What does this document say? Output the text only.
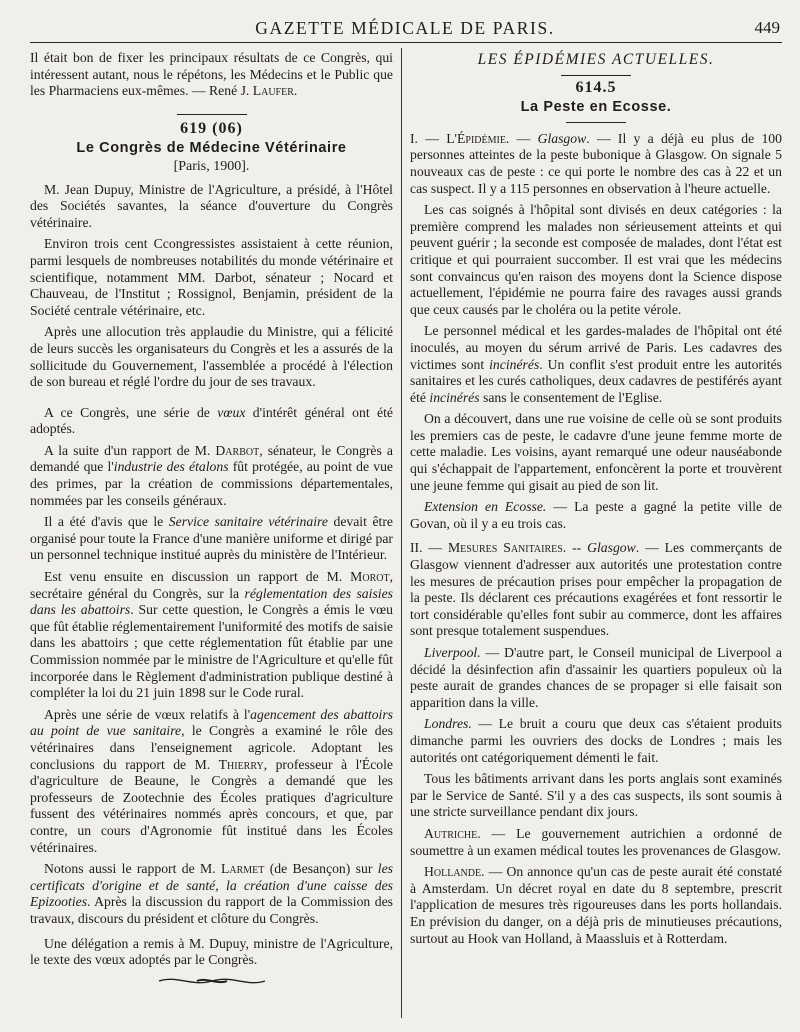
GAZETTE MÉDICALE DE PARIS.	449

Il était bon de fixer les principaux résultats de ce Congrès, qui intéressent autant, nous le répétons, les Médecins et le Public que les Pharmaciens eux-mêmes. — René J. Laufer.

619 (06)
Le Congrès de Médecine Vétérinaire
[Paris, 1900].

M. Jean Dupuy, Ministre de l'Agriculture, a présidé, à l'Hôtel des Sociétés savantes, la séance d'ouverture du Congrès vétérinaire.

Environ trois cent Ccongressistes assistaient à cette réunion, parmi lesquels de nombreuses notabilités du monde vétérinaire et scientifique, notamment MM. Darbot, sénateur ; Nocard et Chauveau, de l'Institut ; Rossignol, Benjamin, président de la Société centrale vétérinaire, etc.

Après une allocution très applaudie du Ministre, qui a félicité de leurs succès les organisateurs du Congrès et les a assurés de la sollicitude du Gouvernement, l'assemblée a procédé à l'élection de son bureau et réglé l'ordre du jour de ses travaux.

A ce Congrès, une série de vœux d'intérêt général ont été adoptés.

A la suite d'un rapport de M. Darbot, sénateur, le Congrès a demandé que l'industrie des étalons fût protégée, au point de vue des primes, par la création de commissions départementales, nommées par les conseils généraux.

Il a été d'avis que le Service sanitaire vétérinaire devait être organisé pour toute la France d'une manière uniforme et dirigé par un personnel technique institué auprès du ministère de l'Intérieur.

Est venu ensuite en discussion un rapport de M. Morot, secrétaire général du Congrès, sur la réglementation des saisies dans les abattoirs. Sur cette question, le Congrès a émis le vœu que fût établie réglementairement l'uniformité des motifs de saisie dans les abattoirs ; que cette réglementation fût établie par une Commission nommée par le ministre de l'Agriculture et qu'elle fût incorporée dans le Règlement d'administration publique destiné à compléter la loi du 21 juin 1898 sur le Code rural.

Après une série de vœux relatifs à l'agencement des abattoirs au point de vue sanitaire, le Congrès a examiné le rôle des vétérinaires dans l'enseignement agricole. Adoptant les conclusions du rapport de M. Thierry, professeur à l'École d'agriculture de Beaune, le Congrès a demandé que les professeurs de Zootechnie des Écoles pratiques d'agriculture fussent des vétérinaires nommés après concours, et que, par contre, un cours d'Agronomie fût institué dans les Écoles vétérinaires.

Notons aussi le rapport de M. Larmet (de Besançon) sur les certificats d'origine et de santé, la création d'une caisse des Epizooties. Après la discussion du rapport de la Commission des travaux, discours du président et clôture du Congrès.

Une délégation a remis à M. Dupuy, ministre de l'Agriculture, le texte des vœux adoptés par le Congrès.

LES ÉPIDÉMIES ACTUELLES.
614.5
La Peste en Ecosse.

I. — L'Épidémie. — Glasgow. — Il y a déjà eu plus de 100 personnes atteintes de la peste bubonique à Glasgow. On signale 5 nouveaux cas de peste : ce qui porte le nombre des cas à 22 et un cas suspect. Il y a 115 personnes en observation à l'heure actuelle.

Les cas soignés à l'hôpital sont divisés en deux catégories : la première comprend les malades non sérieusement atteints et qui peuvent guérir ; la seconde est composée de malades, dont l'état est critique et qui pourraient succomber. Il est vrai que les médecins sont convaincus qu'en raison des moyens dont la Science dispose actuellement, l'épidémie ne pourra faire des ravages aussi grands que ceux causés par le choléra ou la petite vérole.

Le personnel médical et les gardes-malades de l'hôpital ont été inoculés, au moyen du sérum arrivé de Paris. Les cadavres des victimes sont incinérés. Un conflit s'est produit entre les autorités sanitaires et les curés catholiques, deux cadavres de pestiférés ayant été incinérés sans le consentement de l'Eglise.

On a découvert, dans une rue voisine de celle où se sont produits les premiers cas de peste, le cadavre d'une jeune femme morte de cette maladie. Les voisins, ayant remarqué une odeur nauséabonde qui s'échappait de l'appartement, enfoncèrent la porte et trouvèrent une jeune femme qui gisait au pied de son lit.

Extension en Ecosse. — La peste a gagné la petite ville de Govan, où il y a eu trois cas.

II. — Mesures Sanitaires. -- Glasgow. — Les commerçants de Glasgow viennent d'adresser aux autorités une protestation contre les mesures de précaution prises pour empêcher la propagation de la peste. Ils déclarent ces précautions exagérées et font ressortir le tort considérable qu'elles font subir au commerce, dont les affaires sont presque totalement suspendues.

Liverpool. — D'autre part, le Conseil municipal de Liverpool a décidé la désinfection afin d'assainir les quartiers populeux où la peste aurait de grandes chances de se propager si elle faisait son apparition dans la ville.

Londres. — Le bruit a couru que deux cas s'étaient produits dimanche parmi les ouvriers des docks de Londres ; mais les autorités ont catégoriquement démenti le fait.

Tous les bâtiments arrivant dans les ports anglais sont examinés par le Service de Santé. S'il y a des cas suspects, ils sont soumis à une stricte surveillance pendant dix jours.

Autriche. — Le gouvernement autrichien a ordonné de soumettre à un examen médical toutes les provenances de Glasgow.

Hollande. — On annonce qu'un cas de peste aurait été constaté à Amsterdam. Un décret royal en date du 8 septembre, prescrit l'application de mesures très rigoureuses dans les ports hollandais. En prévision du danger, on a déjà pris de minutieuses précautions, surtout au Hook van Holland, à Maassluis et à Rotterdam.
